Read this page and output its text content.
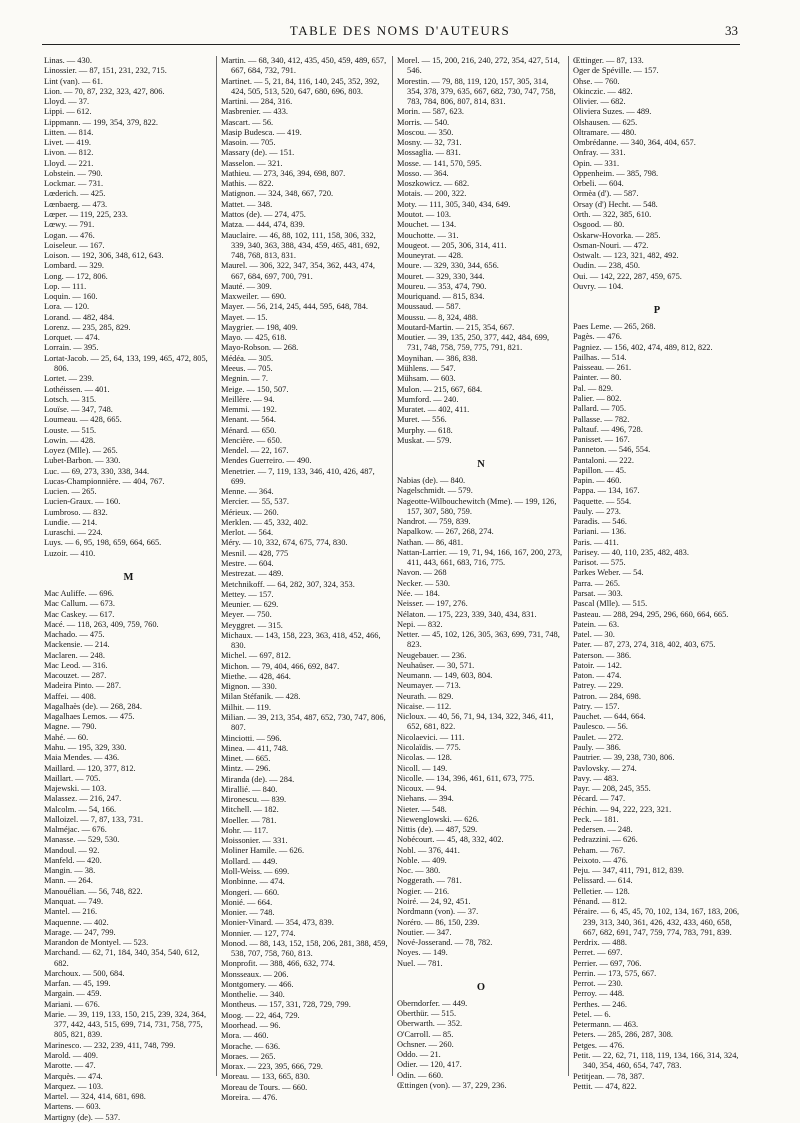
TABLE DES NOMS D'AUTEURS	33
Linas. — 430.
Linossier. — 87, 151, 231, 232, 715.
Lint (van). — 61.
Lion. — 70, 87, 232, 323, 427, 806.
Lloyd. — 37.
Lippi. — 612.
Lippmann. — 199, 354, 379, 822.
Litten. — 814.
Livet. — 419.
Livon. — 812.
Lloyd. — 221.
Lobstein. — 790.
Lockmar. — 731.
Lœderich. — 425.
Lœnbaerg. — 473.
Lœper. — 119, 225, 233.
Lœwy. — 791.
Logan. — 476.
Loiseleur. — 167.
Loison. — 192, 306, 348, 612, 643.
Lombard. — 329.
Long. — 172, 806.
Lop. — 111.
Loquin. — 160.
Lora. — 120.
Lorand. — 482, 484.
Lorenz. — 235, 285, 829.
Lorquet. — 474.
Lorrain. — 395.
Lortat-Jacob. — 25, 64, 133, 199, 465, 472, 805, 806.
Lortet. — 239.
Lothéissen. — 401.
Lotsch. — 315.
Louïse. — 347, 748.
Loumeau. — 428, 665.
Louste. — 515.
Lowin. — 428.
Loyez (Mlle). — 265.
Lubet-Barbon. — 330.
Luc. — 69, 273, 330, 338, 344.
Lucas-Championnière. — 404, 767.
Lucien. — 265.
Lucien-Graux. — 160.
Lumbroso. — 832.
Lundie. — 214.
Luraschi. — 224.
Luys. — 6, 95, 198, 659, 664, 665.
Luzoir. — 410.
M
Mac Auliffe. — 696.
Mac Callum. — 673.
Mac Caskey. — 617.
Macé. — 118, 263, 409, 759, 760.
Machado. — 475.
Mackensie. — 214.
Maclaren. — 248.
Mac Leod. — 316.
Macouzet. — 287.
Madeira Pinto. — 287.
Maffei. — 408.
Magalhaès (de). — 268, 284.
Magalhaes Lemos. — 475.
Magne. — 790.
Mahé. — 60.
Mahu. — 195, 329, 330.
Maia Mendes. — 436.
Maillard. — 120, 377, 812.
Maillart. — 705.
Majewski. — 103.
Malassez. — 216, 247.
Malcolm. — 54, 166.
Malloizel. — 7, 87, 133, 731.
Malméjac. — 676.
Manasse. — 529, 530.
Mandoul. — 92.
Manfeld. — 420.
Mangin. — 38.
Mann. — 264.
Manouélian. — 56, 748, 822.
Manquat. — 749.
Mantel. — 216.
Maquenne. — 402.
Marage. — 247, 799.
Marandon de Montyel. — 523.
Marchand. — 62, 71, 184, 340, 354, 540, 612, 682.
Marchoux. — 500, 684.
Marfan. — 45, 199.
Margain. — 459.
Mariani. — 676.
Marie. — 39, 119, 133, 150, 215, 239, 324, 364, 377, 442, 443, 515, 699, 714, 731, 758, 775, 805, 821, 839.
Marinesco. — 232, 239, 411, 748, 799.
Marold. — 409.
Marotte. — 47.
Marquès. — 474.
Marquez. — 103.
Martel. — 324, 414, 681, 698.
Martens. — 603.
Martigny (de). — 537.
Martin. — 68, 340, 412, 435, 450, 459, 489, 657, 667, 684, 732, 791.
Martinet. — 5, 21, 84, 116, 140, 245, 352, 392, 424, 505, 513, 520, 647, 680, 696, 803.
Martini. — 284, 316.
Masbrenier. — 433.
Mascart. — 56.
Masip Budesca. — 419.
Masoin. — 705.
Massary (de). — 151.
Masselon. — 321.
Mathieu. — 273, 346, 394, 698, 807.
Mathis. — 822.
Matignon. — 324, 348, 667, 720.
Mattet. — 348.
Mattos (de). — 274, 475.
Matza. — 444, 474, 839.
Mauclaire. — 46, 88, 102, 111, 158, 306, 332, 339, 340, 363, 388, 434, 459, 465, 481, 692, 748, 768, 813, 831.
Maurel. — 306, 322, 347, 354, 362, 443, 474, 667, 684, 697, 700, 791.
Mauté. — 309.
Maxweiler. — 690.
Mayer. — 56, 214, 245, 444, 595, 648, 784.
Mayet. — 15.
Maygrier. — 198, 409.
Mayo. — 425, 618.
Mayo-Robson. — 268.
Médéa. — 305.
Meeus. — 705.
Megnin. — 7.
Meige. — 150, 507.
Meillère. — 94.
Memmi. — 192.
Menant. — 564.
Ménard. — 650.
Mencière. — 650.
Mendel. — 22, 167.
Mendes Guerreiro. — 490.
Menetrier. — 7, 119, 133, 346, 410, 426, 487, 699.
Menne. — 364.
Mercier. — 55, 537.
Mérieux. — 260.
Merklen. — 45, 332, 402.
Merlot. — 564.
Méry. — 10, 332, 674, 675, 774, 830.
Mesnil. — 428, 775
Mestre. — 604.
Mestrezat. — 489.
Metchnikoff. — 64, 282, 307, 324, 353.
Mettey. — 157.
Meunier. — 629.
Meyer. — 750.
Meyggret. — 315.
Michaux. — 143, 158, 223, 363, 418, 452, 466, 830.
Michel. — 697, 812.
Michon. — 79, 404, 466, 692, 847.
Miethe. — 428, 464.
Mignon. — 330.
Milan Stéfanik. — 428.
Milhit. — 119.
Milian. — 39, 213, 354, 487, 652, 730, 747, 806, 807.
Minciotti. — 596.
Minea. — 411, 748.
Minet. — 665.
Mintz. — 296.
Miranda (de). — 284.
Mirallié. — 840.
Mironescu. — 839.
Mitchell. — 182.
Moeller. — 781.
Mohr. — 117.
Moissonier. — 331.
Moliner Hamile. — 626.
Mollard. — 449.
Moll-Weiss. — 699.
Monbinne. — 474.
Mongeri. — 660.
Monié. — 664.
Monier. — 748.
Monier-Vinard. — 354, 473, 839.
Monnier. — 127, 774.
Monod. — 88, 143, 152, 158, 206, 281, 388, 459, 538, 707, 758, 760, 813.
Monprofit. — 388, 466, 632, 774.
Monsseaux. — 206.
Montgomery. — 466.
Monthelie. — 340.
Montheus. — 157, 331, 728, 729, 799.
Moog. — 22, 464, 729.
Moorhead. — 96.
Mora. — 460.
Morache. — 636.
Moraes. — 265.
Morax. — 223, 395, 666, 729.
Moreau. — 133, 665, 830.
Moreau de Tours. — 660.
Moreira. — 476.
Morel. — 15, 200, 216, 240, 272, 354, 427, 514, 546.
Morestin. — 79, 88, 119, 120, 157, 305, 314, 354, 378, 379, 635, 667, 682, 730, 747, 758, 783, 784, 806, 807, 814, 831.
Morin. — 587, 623.
Morris. — 540.
Moscou. — 350.
Mosny. — 32, 731.
Mossaglia. — 831.
Mosse. — 141, 570, 595.
Mosso. — 364.
Moszkowicz. — 682.
Motais. — 200, 322.
Moty. — 111, 305, 340, 434, 649.
Moutot. — 103.
Mouchet. — 134.
Mouchotte. — 31.
Mougeot. — 205, 306, 314, 411.
Mouneyrat. — 428.
Moure. — 329, 330, 344, 656.
Mouret. — 329, 330, 344.
Moureu. — 353, 474, 790.
Mouriquand. — 815, 834.
Moussaud. — 587.
Moussu. — 8, 324, 488.
Moutard-Martin. — 215, 354, 667.
Moutier. — 39, 135, 250, 377, 442, 484, 699, 731, 748, 758, 759, 775, 791, 821.
Moynihan. — 386, 838.
Mühlens. — 547.
Mühsam. — 603.
Mulon. — 215, 667, 684.
Mumford. — 240.
Muratet. — 402, 411.
Muret. — 556.
Murphy. — 618.
Muskat. — 579.
N
Nabias (de). — 840.
Nagelschmidt. — 579.
Nageotte-Wilbouchewitch (Mme). — 199, 126, 157, 307, 580, 759.
Nandrot. — 759, 839.
Napalkow. — 267, 268, 274.
Nathan. — 86, 481.
Nattan-Larrier. — 19, 71, 94, 166, 167, 200, 273, 411, 443, 661, 683, 716, 775.
Navon. — 268
Necker. — 530.
Née. — 184.
Neisser. — 197, 276.
Nélaton. — 175, 223, 339, 340, 434, 831.
Nepi. — 832.
Netter. — 45, 102, 126, 305, 363, 699, 731, 748, 823.
Neugebauer. — 236.
Neuhaüser. — 30, 571.
Neumann. — 149, 603, 804.
Neumayer. — 713.
Neurath. — 829.
Nicaise. — 112.
Nicloux. — 40, 56, 71, 94, 134, 322, 346, 411, 652, 681, 822.
Nicolaevici. — 111.
Nicolaïdis. — 775.
Nicolas. — 128.
Nicoll. — 149.
Nicolle. — 134, 396, 461, 611, 673, 775.
Nicoux. — 94.
Niehans. — 394.
Nieter. — 548.
Niewenglowski. — 626.
Nittis (de). — 487, 529.
Nobécourt. — 45, 48, 332, 402.
Nobl. — 376, 441.
Noble. — 409.
Noc. — 380.
Noggerath. — 781.
Nogier. — 216.
Noiré. — 24, 92, 451.
Nordmann (von). — 37.
Noréro. — 86, 150, 239.
Noutier. — 347.
Nové-Josserand. — 78, 782.
Noyes. — 149.
Nuel. — 781.
O
Oberndorfer. — 449.
Oberthür. — 515.
Oberwarth. — 352.
O'Carroll. — 85.
Ochsner. — 260.
Oddo. — 21.
Odier. — 120, 417.
Odin. — 660.
Œttingen (von). — 37, 229, 236.
Œttinger. — 87, 133.
Oger de Spéville. — 157.
Ohse. — 760.
Okinczic. — 482.
Olivier. — 682.
Oliviera Suzes. — 489.
Olshausen. — 625.
Oltramare. — 480.
Ombrédanne. — 340, 364, 404, 657.
Onfray. — 331.
Opin. — 331.
Oppenheim. — 385, 798.
Orbeli. — 604.
Ormèa (d'). — 587.
Orsay (d') Hecht. — 548.
Orth. — 322, 385, 610.
Osgood. — 80.
Oskarw-Hovorka. — 285.
Osman-Nouri. — 472.
Ostwalt. — 123, 321, 482, 492.
Oudin. — 238, 450.
Oui. — 142, 222, 287, 459, 675.
Ouvry. — 104.
P
Paes Leme. — 265, 268.
Pagès. — 476.
Pagniez. — 156, 402, 474, 489, 812, 822.
Pailhas. — 514.
Paisseau. — 261.
Painter. — 80.
Pal. — 829.
Palier. — 802.
Pallard. — 705.
Pallasse. — 782.
Paltauf. — 496, 728.
Panisset. — 167.
Panneton. — 546, 554.
Pantaloni. — 222.
Papillon. — 45.
Papin. — 460.
Pappa. — 134, 167.
Paquette. — 554.
Pauly. — 273.
Paradis. — 546.
Pariani. — 136.
Paris. — 411.
Parisey. — 40, 110, 235, 482, 483.
Parisot. — 575.
Parkes Weber. — 54.
Parra. — 265.
Parsat. — 303.
Pascal (Mlle). — 515.
Pasteau. — 288, 294, 295, 296, 660, 664, 665.
Patein. — 63.
Patel. — 30.
Pater. — 87, 273, 274, 318, 402, 403, 675.
Paterson. — 386.
Patoir. — 142.
Paton. — 474.
Patrey. — 229.
Patron. — 284, 698.
Patry. — 157.
Pauchet. — 644, 664.
Paulesco. — 56.
Paulet. — 272.
Pauly. — 386.
Pautrier. — 39, 238, 730, 806.
Pavlovsky. — 274.
Pavy. — 483.
Payr. — 208, 245, 355.
Pécard. — 747.
Péchin. — 94, 222, 223, 321.
Peck. — 181.
Pedersen. — 248.
Pedrazzini. — 626.
Peham. — 767.
Peixoto. — 476.
Peju. — 347, 411, 791, 812, 839.
Pelissard. — 614.
Pelletier. — 128.
Pénand. — 812.
Péraire. — 6, 45, 45, 70, 102, 134, 167, 183, 206, 239, 313, 340, 361, 426, 432, 433, 460, 658, 667, 682, 691, 747, 759, 774, 783, 791, 839.
Perdrix. — 488.
Perret. — 697.
Perrier. — 697, 706.
Perrin. — 173, 575, 667.
Perrot. — 230.
Perroy. — 448.
Perthes. — 246.
Petel. — 6.
Petermann. — 463.
Peters. — 285, 286, 287, 308.
Petges. — 476.
Petit. — 22, 62, 71, 118, 119, 134, 166, 314, 324, 340, 354, 460, 654, 747, 783.
Petitjean. — 78, 387.
Pettit. — 474, 822.
